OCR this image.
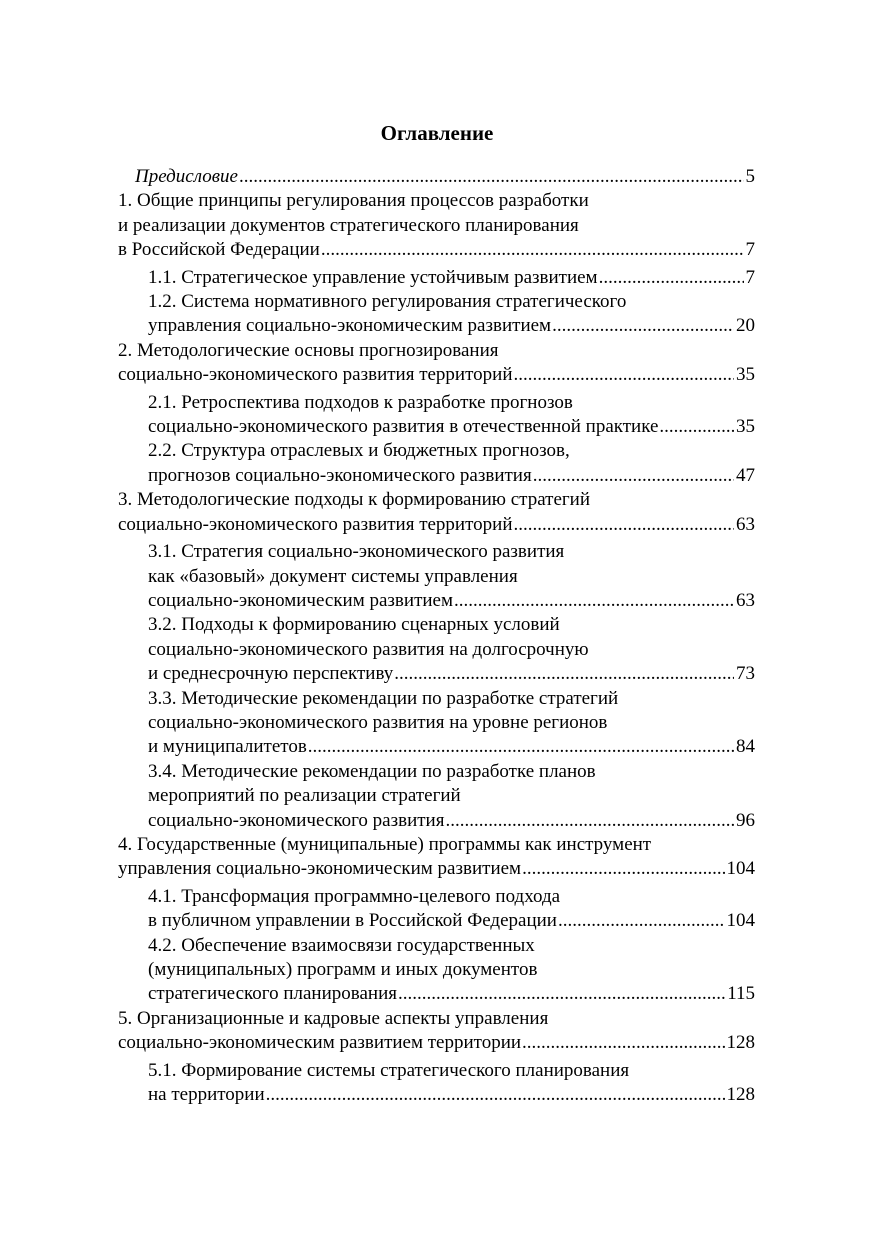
Оглавление
Предисловие .....	5
1. Общие принципы регулирования процессов разработки
и реализации документов стратегического планирования
в Российской Федерации .....	7
1.1. Стратегическое управление устойчивым развитием .....	7
1.2. Система нормативного регулирования стратегического
управления социально-экономическим развитием .....	20
2. Методологические основы прогнозирования
социально-экономического развития территорий .....	35
2.1. Ретроспектива подходов к разработке прогнозов
социально-экономического развития в отечественной практике .....	35
2.2. Структура отраслевых и бюджетных прогнозов,
прогнозов социально-экономического развития .....	47
3. Методологические подходы к формированию стратегий
социально-экономического развития территорий .....	63
3.1. Стратегия социально-экономического развития
как «базовый» документ системы управления
социально-экономическим развитием .....	63
3.2. Подходы к формированию сценарных условий
социально-экономического развития на долгосрочную
и среднесрочную перспективу .....	73
3.3. Методические рекомендации по разработке стратегий
социально-экономического развития на уровне регионов
и муниципалитетов .....	84
3.4. Методические рекомендации по разработке планов
мероприятий по реализации стратегий
социально-экономического развития .....	96
4. Государственные (муниципальные) программы как инструмент
управления социально-экономическим развитием .....	104
4.1. Трансформация программно-целевого подхода
в публичном управлении в Российской Федерации .....	104
4.2. Обеспечение взаимосвязи государственных
(муниципальных) программ и иных документов
стратегического планирования .....	115
5. Организационные и кадровые аспекты управления
социально-экономическим развитием территории .....	128
5.1. Формирование системы стратегического планирования
на территории .....	128
